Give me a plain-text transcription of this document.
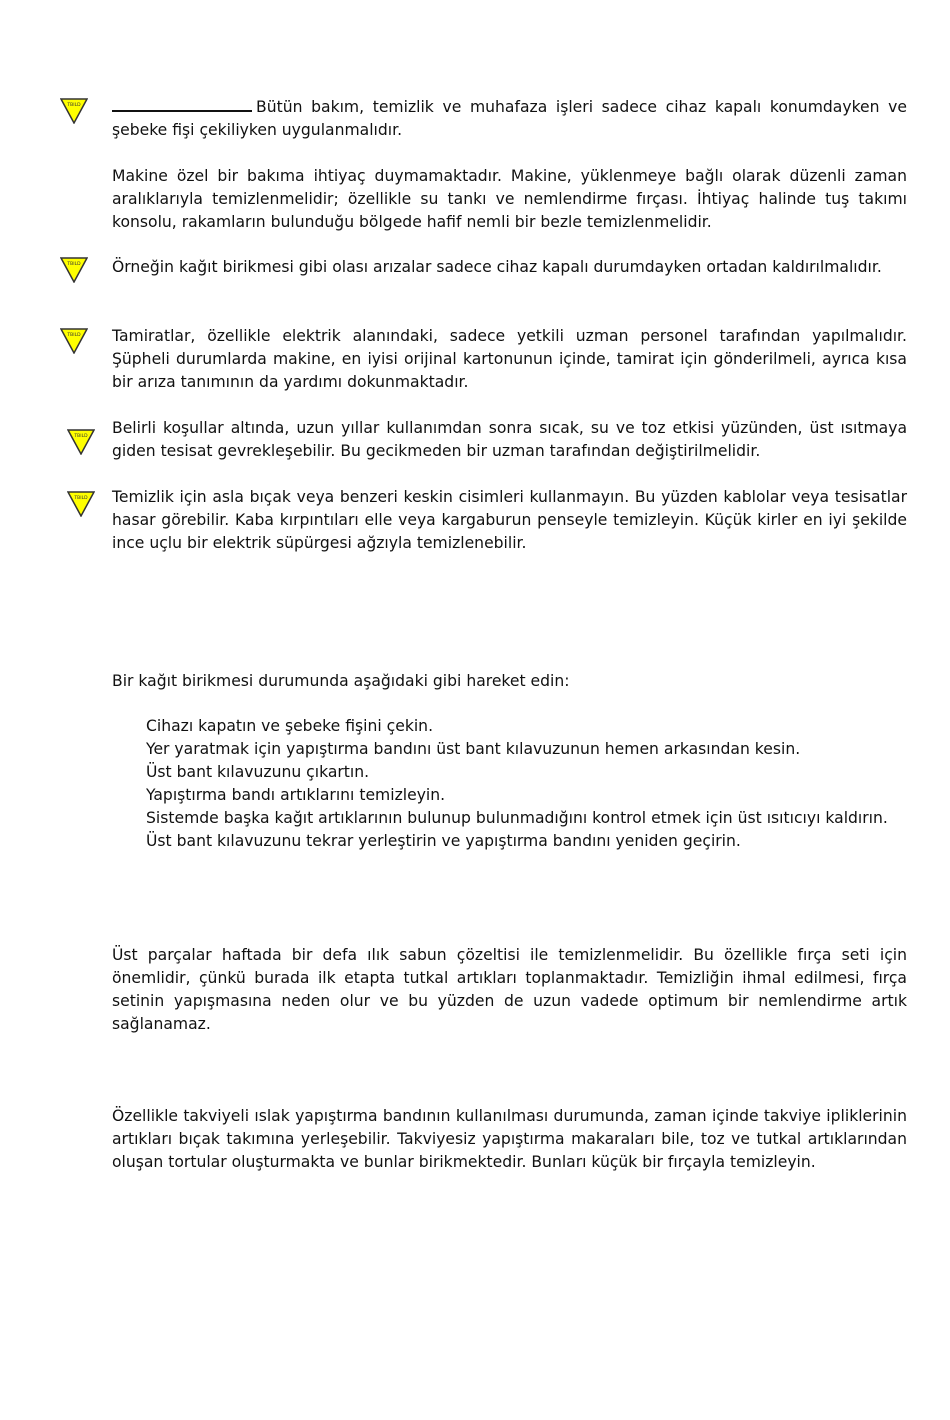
TBILD
TBILD
TBILD
TBILD
TBILD

Bütün bakım, temizlik ve muhafaza işleri sadece cihaz kapalı konumdayken ve şebeke fişi çekiliyken uygulanmalıdır.

Makine özel bir bakıma ihtiyaç duymamaktadır. Makine, yüklenmeye bağlı olarak düzenli zaman aralıklarıyla temizlenmelidir; özellikle su tankı ve nemlendirme fırçası. İhtiyaç halinde tuş takımı konsolu, rakamların bulunduğu bölgede hafif nemli bir bezle temizlenmelidir.

Örneğin kağıt birikmesi gibi olası arızalar sadece cihaz kapalı durumdayken ortadan kaldırılmalıdır.

Tamiratlar, özellikle elektrik alanındaki, sadece yetkili uzman personel tarafından yapılmalıdır. Şüpheli durumlarda makine, en iyisi orijinal kartonunun içinde, tamirat için gönderilmeli, ayrıca kısa bir arıza tanımının da yardımı dokunmaktadır.

Belirli koşullar altında, uzun yıllar kullanımdan sonra sıcak, su ve toz etkisi yüzünden, üst ısıtmaya giden tesisat gevrekleşebilir. Bu gecikmeden bir uzman tarafından değiştirilmelidir.

Temizlik için asla bıçak veya benzeri keskin cisimleri kullanmayın. Bu yüzden kablolar veya tesisatlar hasar görebilir. Kaba kırpıntıları elle veya kargaburun penseyle temizleyin. Küçük kirler en iyi şekilde ince uçlu bir elektrik süpürgesi ağzıyla temizlenebilir.

Bir kağıt birikmesi durumunda aşağıdaki gibi hareket edin:

Cihazı kapatın ve şebeke fişini çekin.
Yer yaratmak için yapıştırma bandını üst bant kılavuzunun hemen arkasından kesin.
Üst bant kılavuzunu çıkartın.
Yapıştırma bandı artıklarını temizleyin.
Sistemde başka kağıt artıklarının bulunup bulunmadığını kontrol etmek için üst ısıtıcıyı kaldırın.
Üst bant kılavuzunu tekrar yerleştirin ve yapıştırma bandını yeniden geçirin.

Üst parçalar haftada bir defa ılık sabun çözeltisi ile temizlenmelidir. Bu özellikle fırça seti için önemlidir, çünkü burada ilk etapta tutkal artıkları toplanmaktadır. Temizliğin ihmal edilmesi, fırça setinin yapışmasına neden olur ve bu yüzden de uzun vadede optimum bir nemlendirme artık sağlanamaz.

Özellikle takviyeli ıslak yapıştırma bandının kullanılması durumunda, zaman içinde takviye ipliklerinin artıkları bıçak takımına yerleşebilir. Takviyesiz yapıştırma makaraları bile, toz ve tutkal artıklarından oluşan tortular oluşturmakta ve bunlar birikmektedir. Bunları küçük bir fırçayla temizleyin.
